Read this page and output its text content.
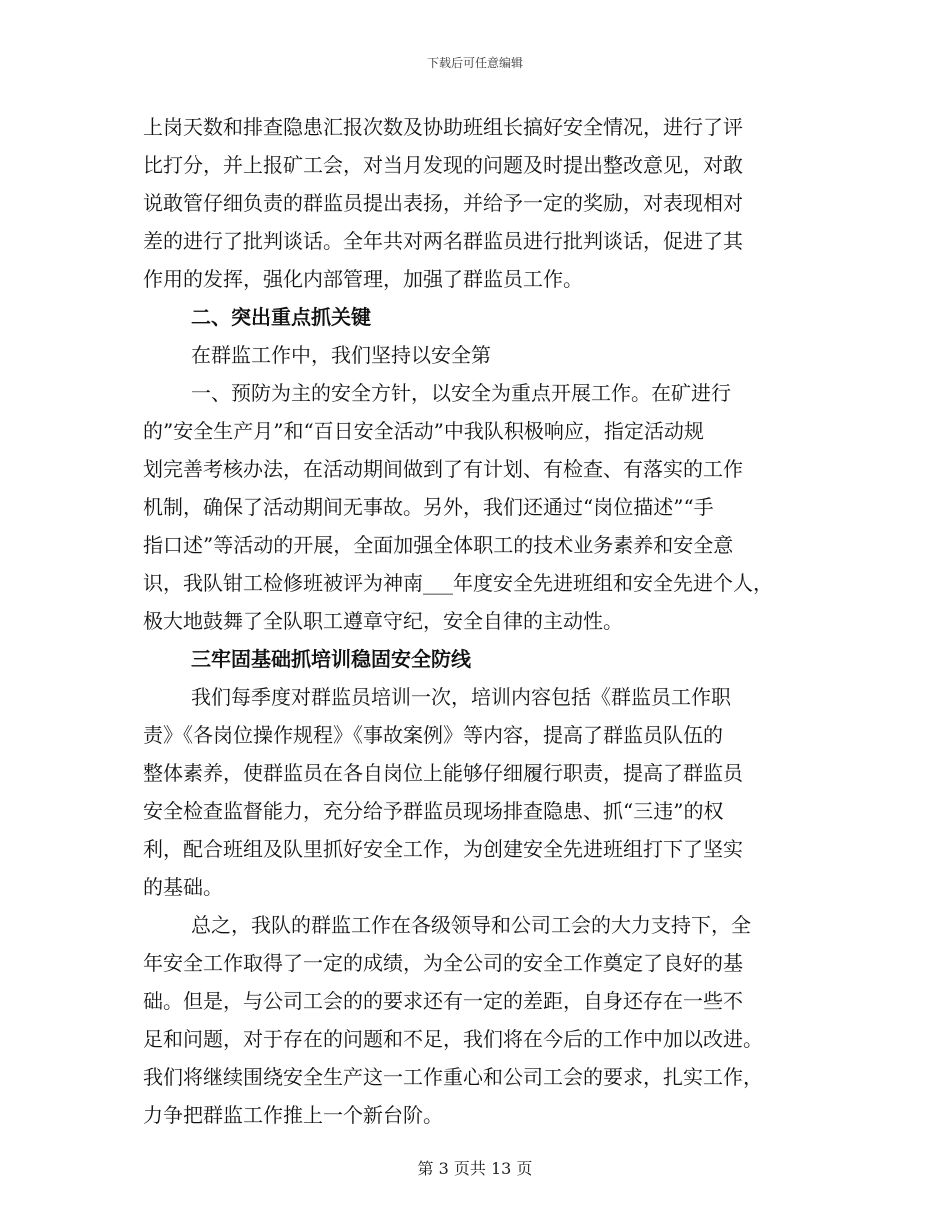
下载后可任意编辑
上岗天数和排查隐患汇报次数及协助班组长搞好安全情况，进行了评
比打分，并上报矿工会，对当月发现的问题及时提出整改意见，对敢
说敢管仔细负责的群监员提出表扬，并给予一定的奖励，对表现相对
差的进行了批判谈话。全年共对两名群监员进行批判谈话，促进了其
作用的发挥，强化内部管理，加强了群监员工作。
二、突出重点抓关键
在群监工作中，我们坚持以安全第
一、预防为主的安全方针，以安全为重点开展工作。在矿进行
的”安全生产月”和“百日安全活动”中我队积极响应，指定活动规
划完善考核办法，在活动期间做到了有计划、有检查、有落实的工作
机制，确保了活动期间无事故。另外，我们还通过“岗位描述”“手
指口述”等活动的开展，全面加强全体职工的技术业务素养和安全意
识，我队钳工检修班被评为神南___年度安全先进班组和安全先进个人，
极大地鼓舞了全队职工遵章守纪，安全自律的主动性。
三牢固基础抓培训稳固安全防线
我们每季度对群监员培训一次，培训内容包括《群监员工作职
责》《各岗位操作规程》《事故案例》等内容，提高了群监员队伍的
整体素养，使群监员在各自岗位上能够仔细履行职责，提高了群监员
安全检查监督能力，充分给予群监员现场排查隐患、抓“三违”的权
利，配合班组及队里抓好安全工作，为创建安全先进班组打下了坚实
的基础。
总之，我队的群监工作在各级领导和公司工会的大力支持下，全
年安全工作取得了一定的成绩，为全公司的安全工作奠定了良好的基
础。但是，与公司工会的的要求还有一定的差距，自身还存在一些不
足和问题，对于存在的问题和不足，我们将在今后的工作中加以改进。
我们将继续围绕安全生产这一工作重心和公司工会的要求，扎实工作，
力争把群监工作推上一个新台阶。
第 3 页共 13 页
